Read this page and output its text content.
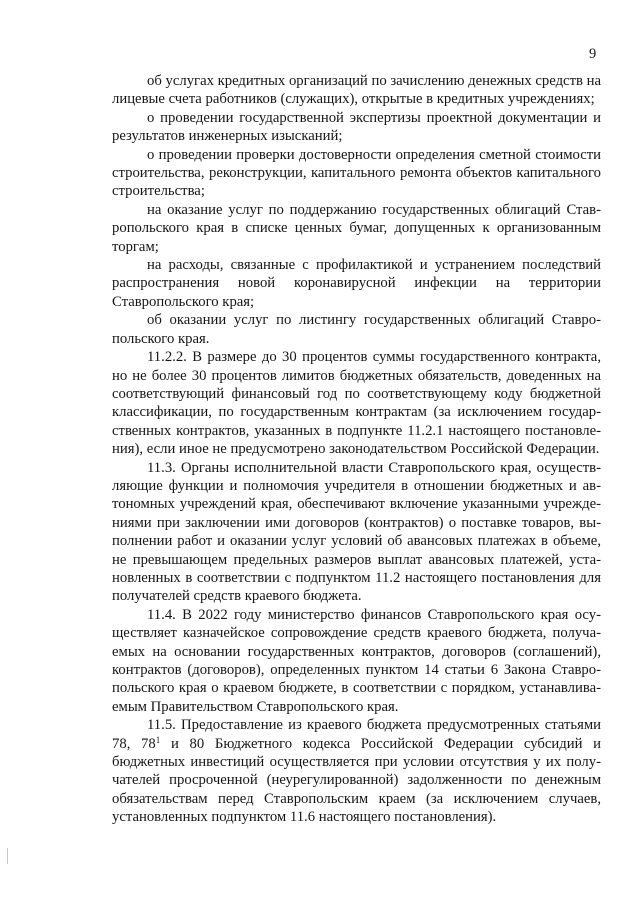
9

об услугах кредитных организаций по зачислению денежных средств на лицевые счета работников (служащих), открытые в кредитных учреждениях;

о проведении государственной экспертизы проектной документации и результатов инженерных изысканий;

о проведении проверки достоверности определения сметной стоимости строительства, реконструкции, капитального ремонта объектов капитального строительства;

на оказание услуг по поддержанию государственных облигаций Ставропольского края в списке ценных бумаг, допущенных к организованным торгам;

на расходы, связанные с профилактикой и устранением последствий распространения новой коронавирусной инфекции на территории Ставропольского края;

об оказании услуг по листингу государственных облигаций Ставропольского края.

11.2.2. В размере до 30 процентов суммы государственного контракта, но не более 30 процентов лимитов бюджетных обязательств, доведенных на соответствующий финансовый год по соответствующему коду бюджетной классификации, по государственным контрактам (за исключением государственных контрактов, указанных в подпункте 11.2.1 настоящего постановления), если иное не предусмотрено законодательством Российской Федерации.

11.3. Органы исполнительной власти Ставропольского края, осуществляющие функции и полномочия учредителя в отношении бюджетных и автономных учреждений края, обеспечивают включение указанными учреждениями при заключении ими договоров (контрактов) о поставке товаров, выполнении работ и оказании услуг условий об авансовых платежах в объеме, не превышающем предельных размеров выплат авансовых платежей, установленных в соответствии с подпунктом 11.2 настоящего постановления для получателей средств краевого бюджета.

11.4. В 2022 году министерство финансов Ставропольского края осуществляет казначейское сопровождение средств краевого бюджета, получаемых на основании государственных контрактов, договоров (соглашений), контрактов (договоров), определенных пунктом 14 статьи 6 Закона Ставропольского края о краевом бюджете, в соответствии с порядком, устанавливаемым Правительством Ставропольского края.

11.5. Предоставление из краевого бюджета предусмотренных статьями 78, $78^1$ и 80 Бюджетного кодекса Российской Федерации субсидий и бюджетных инвестиций осуществляется при условии отсутствия у их получателей просроченной (неурегулированной) задолженности по денежным обязательствам перед Ставропольским краем (за исключением случаев, установленных подпунктом 11.6 настоящего постановления).
